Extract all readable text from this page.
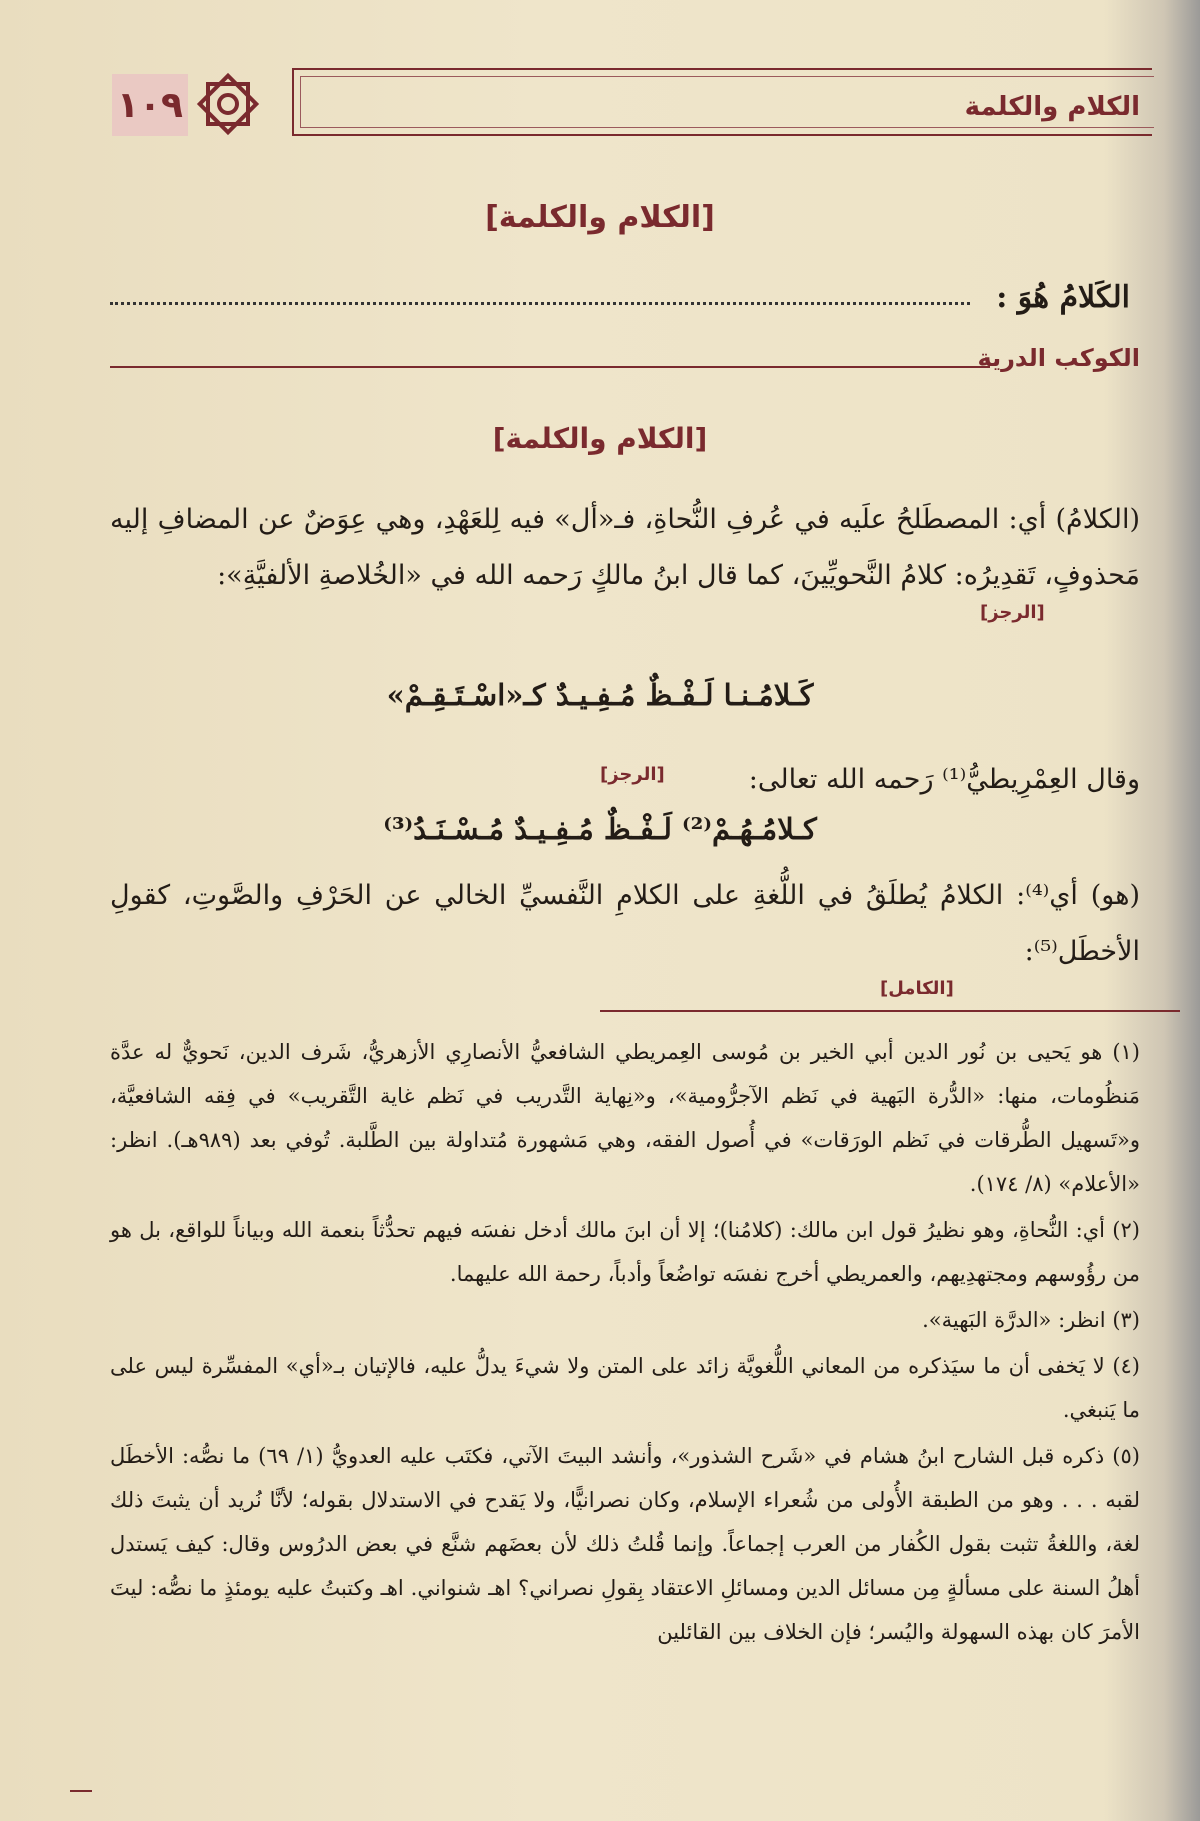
الكلام والكلمة
١٠٩
[الكلام والكلمة]
الكَلامُ هُوَ :
الكوكب الدرية
[الكلام والكلمة]
(الكلامُ) أي: المصطَلحُ علَيه في عُرفِ النُّحاةِ، فـ«أل» فيه لِلعَهْدِ، وهي عِوَضٌ عن المضافِ إليه مَحذوفٍ، تَقدِيرُه: كلامُ النَّحويِّينَ، كما قال ابنُ مالكٍ رَحمه الله في «الخُلاصةِ الألفيَّةِ»:
[الرجز]
كَـلامُـنـا لَـفْـظٌ مُـفِـيـدٌ كـ«اسْـتَـقِـمْ»
وقال العِمْرِيطيُّ⁽¹⁾ رَحمه الله تعالى:
[الرجز]
كـلامُـهُـمْ⁽²⁾ لَـفْـظٌ مُـفِـيـدٌ مُـسْـنَـدُ⁽³⁾
(هو) أي⁽⁴⁾: الكلامُ يُطلَقُ في اللُّغةِ على الكلامِ النَّفسيِّ الخالي عن الحَرْفِ والصَّوتِ، كقولِ الأخطَل⁽⁵⁾:
[الكامل]

(١) هو يَحيى بن نُور الدين أبي الخير بن مُوسى العِمريطي الشافعيُّ الأنصارِي الأزهريُّ، شَرف الدين، نَحويٌّ له عدَّة مَنظُومات، منها: «الدُّرة البَهية في نَظم الآجرُّومية»، و«نِهاية التَّدريب في نَظم غاية التَّقريب» في فِقه الشافعيَّة، و«تَسهيل الطُّرقات في نَظم الورَقات» في أُصول الفقه، وهي مَشهورة مُتداولة بين الطَّلبة. تُوفي بعد (٩٨٩هـ). انظر: «الأعلام» (٨/ ١٧٤).

(٢) أي: النُّحاةِ، وهو نظيرُ قول ابن مالك: (كلامُنا)؛ إلا أن ابنَ مالك أدخل نفسَه فيهم تحدُّثاً بنعمة الله وبياناً للواقع، بل هو من رؤُوسهم ومجتهدِيهم، والعمريطي أخرج نفسَه تواضُعاً وأدباً، رحمة الله عليهما.

(٣) انظر: «الدرَّة البَهية».

(٤) لا يَخفى أن ما سيَذكره من المعاني اللُّغويَّة زائد على المتن ولا شيءَ يدلُّ عليه، فالإتيان بـ«أي» المفسِّرة ليس على ما يَنبغي.

(٥) ذكره قبل الشارح ابنُ هشام في «شَرح الشذور»، وأنشد البيتَ الآتي، فكتَب عليه العدويُّ (١/ ٦٩) ما نصُّه: الأخطَل لقبه . . . وهو من الطبقة الأُولى من شُعراء الإسلام، وكان نصرانيًّا، ولا يَقدح في الاستدلال بقوله؛ لأنَّا نُريد أن يثبتَ ذلك لغة، واللغةُ تثبت بقول الكُفار من العرب إجماعاً. وإنما قُلتُ ذلك لأن بعضَهم شنَّع في بعض الدرُوس وقال: كيف يَستدل أهلُ السنة على مسألةٍ مِن مسائل الدين ومسائلِ الاعتقاد بِقولِ نصراني؟ اهـ شنواني. اهـ وكتبتُ عليه يومئذٍ ما نصُّه: ليتَ الأمرَ كان بهذه السهولة واليُسر؛ فإن الخلاف بين القائلين
